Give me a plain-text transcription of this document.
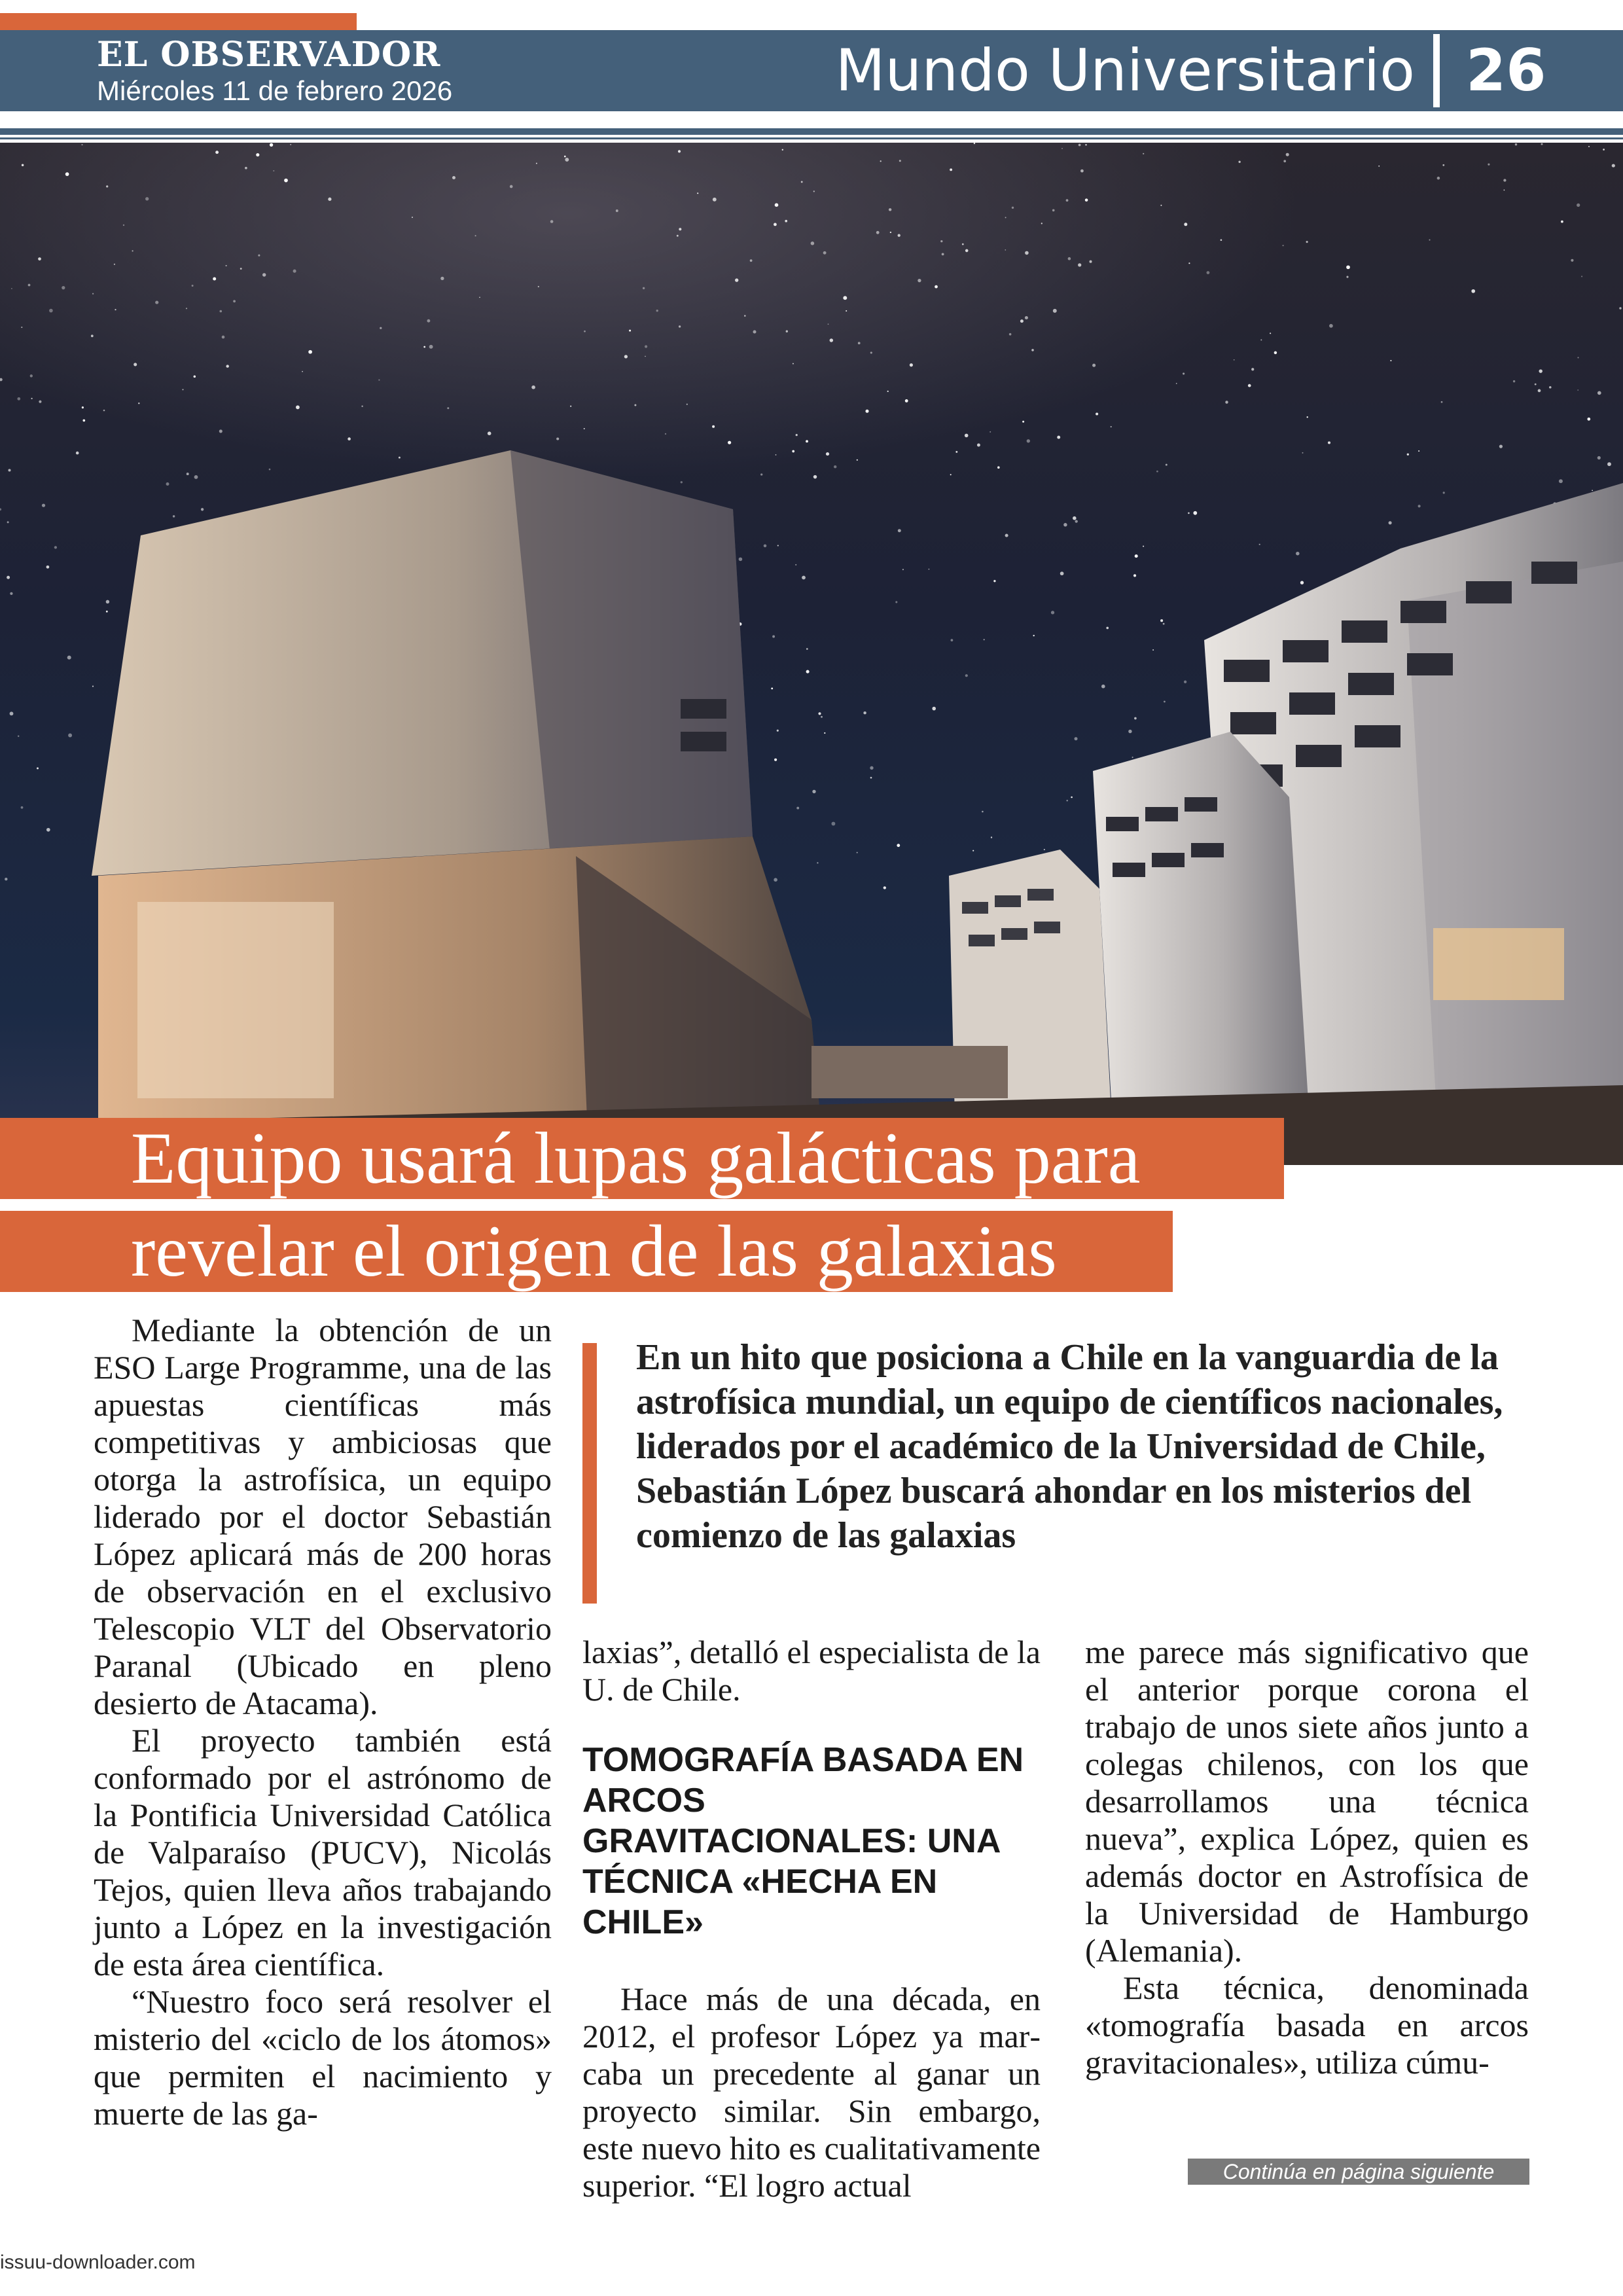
EL OBSERVADOR
Miércoles 11 de febrero 2026	Mundo Universitario 26
Equipo usará lupas galácticas para
revelar el origen de las galaxias

Mediante la obtención de un ESO Large Programme, una de las apuestas científicas más competitivas y ambiciosas que otorga la astrofísica, un equipo liderado por el doctor Sebastián López aplicará más de 200 horas de observación en el exclusivo Telescopio VLT del Observatorio Paranal (Ubicado en pleno desierto de Atacama).

El proyecto también está conformado por el astrónomo de la Pontificia Universidad Católica de Valparaíso (PUCV), Nicolás Tejos, quien lleva años trabajando junto a López en la investigación de esta área científica.

“Nuestro foco será resolver el misterio del «ciclo de los átomos» que permiten el nacimiento y muerte de las ga-

En un hito que posiciona a Chile en la vanguardia de la astrofísica mundial, un equipo de científicos nacionales, liderados por el académico de la Universidad de Chile, Sebastián López buscará ahondar en los misterios del comienzo de las galaxias

laxias”, detalló el especialista de la U. de Chile.

TOMOGRAFÍA BASADA EN ARCOS GRAVITACIONALES: UNA TÉCNICA «HECHA EN CHILE»

Hace más de una década, en 2012, el profesor López ya marcaba un precedente al ganar un proyecto similar. Sin embargo, este nuevo hito es cualitativamente superior. “El logro actual

me parece más significativo que el anterior porque corona el trabajo de unos siete años junto a colegas chilenos, con los que desarrollamos una técnica nueva”, explica López, quien es además doctor en Astrofísica de la Universidad de Hamburgo (Alemania).

Esta técnica, denominada «tomografía basada en arcos gravitacionales», utiliza cúmu-

Continúa en página siguiente
issuu-downloader.com
